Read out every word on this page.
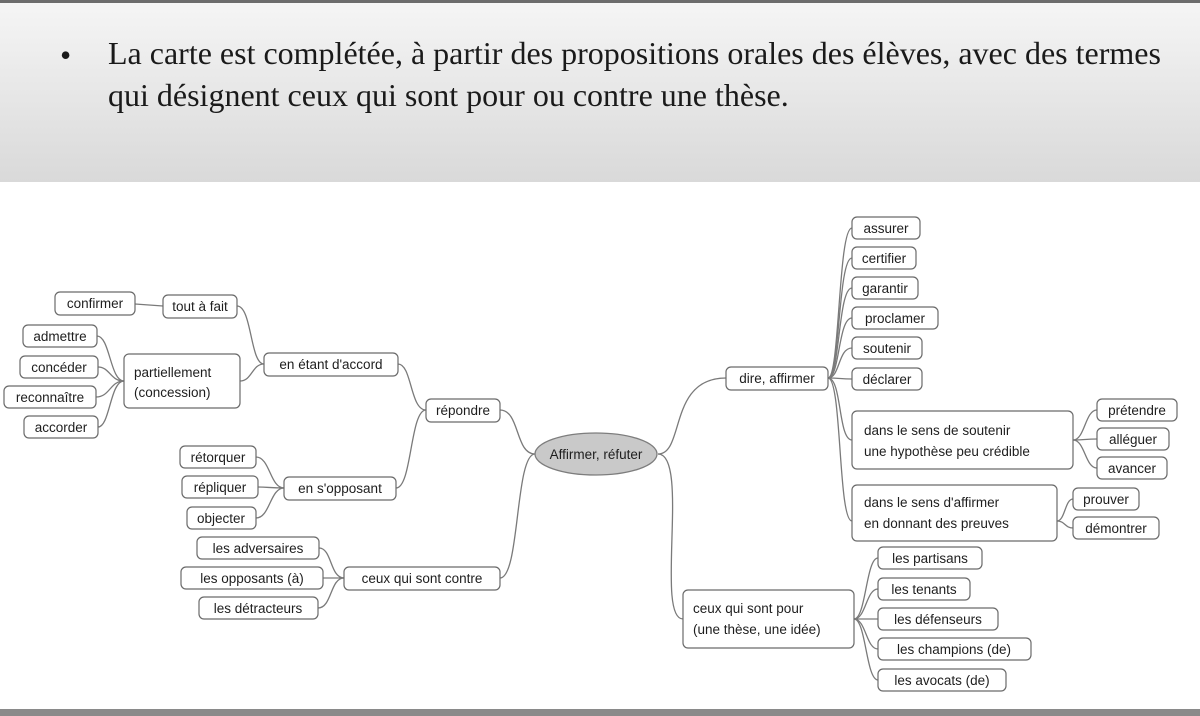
• La carte est complétée, à partir des propositions orales des élèves, avec des termes qui désignent ceux qui sont pour ou contre une thèse.
Affirmer, réfuter
répondre
en étant d'accord
tout à fait
confirmer
partiellement
(concession)
admettre
concéder
reconnaître
accorder
en s'opposant
rétorquer
répliquer
objecter
ceux qui sont contre
les adversaires
les opposants (à)
les détracteurs
dire, affirmer
assurer
certifier
garantir
proclamer
soutenir
déclarer
dans le sens de soutenir
une hypothèse peu crédible
prétendre
alléguer
avancer
dans le sens d'affirmer
en donnant des preuves
prouver
démontrer
ceux qui sont pour
(une thèse, une idée)
les partisans
les tenants
les défenseurs
les champions (de)
les avocats (de)
